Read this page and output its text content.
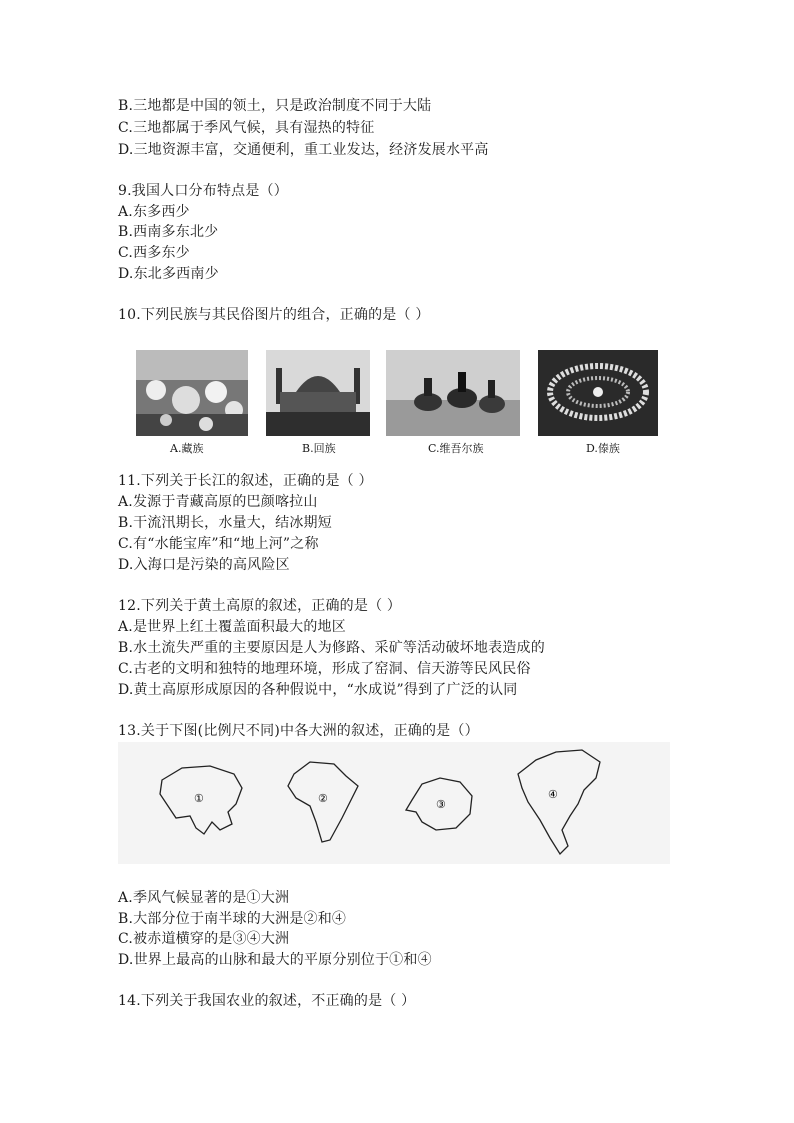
B.三地都是中国的领土，只是政治制度不同于大陆
C.三地都属于季风气候，具有湿热的特征
D.三地资源丰富，交通便利，重工业发达，经济发展水平高
9.我国人口分布特点是（）
A.东多西少
B.西南多东北少
C.西多东少
D.东北多西南少
10.下列民族与其民俗图片的组合，正确的是（ ）
A.藏族	B.回族	C.维吾尔族	D.傣族
11.下列关于长江的叙述，正确的是（ ）
A.发源于青藏高原的巴颜喀拉山
B.干流汛期长，水量大，结冰期短
C.有“水能宝库”和“地上河”之称
D.入海口是污染的高风险区
12.下列关于黄土高原的叙述，正确的是（ ）
A.是世界上红土覆盖面积最大的地区
B.水土流失严重的主要原因是人为修路、采矿等活动破坏地表造成的
C.古老的文明和独特的地理环境，形成了窑洞、信天游等民风民俗
D.黄土高原形成原因的各种假说中，“水成说”得到了广泛的认同
13.关于下图(比例尺不同)中各大洲的叙述，正确的是（）
①	②	③
④
A.季风气候显著的是①大洲
B.大部分位于南半球的大洲是②和④
C.被赤道横穿的是③④大洲
D.世界上最高的山脉和最大的平原分别位于①和④
14.下列关于我国农业的叙述，不正确的是（ ）
